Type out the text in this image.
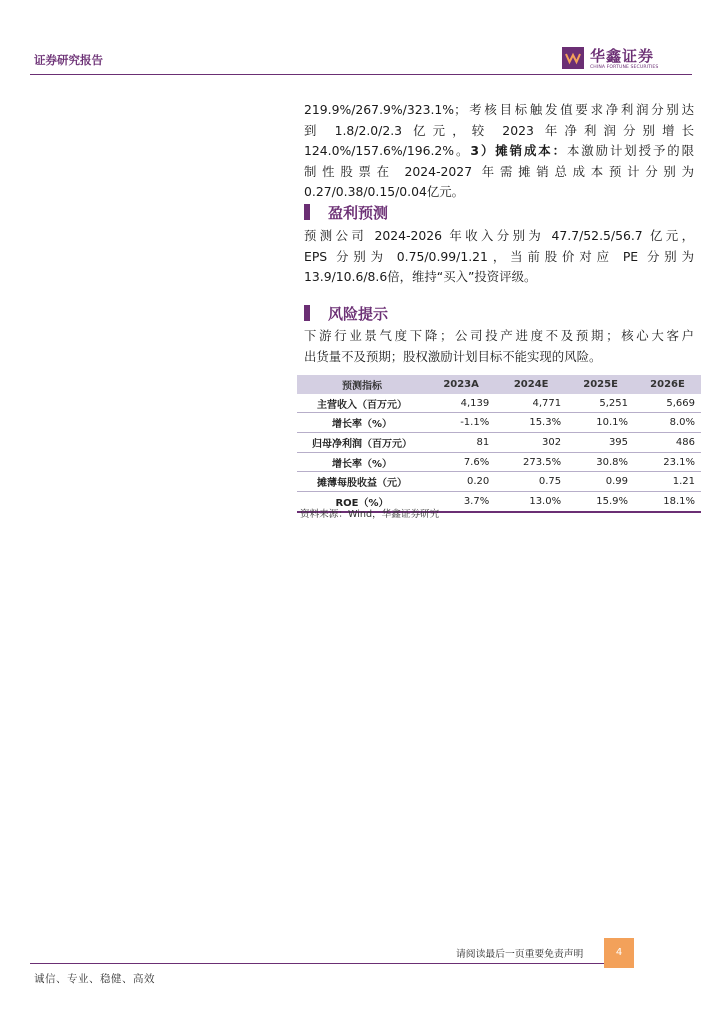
证券研究报告	华鑫证券
CHINA FORTUNE SECURITIES

219.9%/267.9%/323.1%；考核目标触发值要求净利润分别达

到 1.8/2.0/2.3 亿元，较 2023 年净利润分别增长

124.0%/157.6%/196.2%。3）摊销成本：本激励计划授予的限

制性股票在 2024-2027 年需摊销总成本预计分别为

0.27/0.38/0.15/0.04亿元。

盈利预测

预测公司 2024-2026 年收入分别为 47.7/52.5/56.7 亿元，

EPS 分别为 0.75/0.99/1.21，当前股价对应 PE 分别为

13.9/10.6/8.6倍，维持“买入”投资评级。

风险提示

下游行业景气度下降；公司投产进度不及预期；核心大客户

出货量不及预期；股权激励计划目标不能实现的风险。

预测指标	2023A	2024E	2025E	2026E
主营收入（百万元）	4,139	4,771	5,251	5,669
增长率（%）	-1.1%	15.3%	10.1%	8.0%
归母净利润（百万元）	81	302	395	486
增长率（%）	7.6%	273.5%	30.8%	23.1%
摊薄每股收益（元）	0.20	0.75	0.99	1.21
ROE（%）	3.7%	13.0%	15.9%	18.1%
资料来源：Wind，华鑫证券研究
请阅读最后一页重要免责声明	4
诚信、专业、稳健、高效
